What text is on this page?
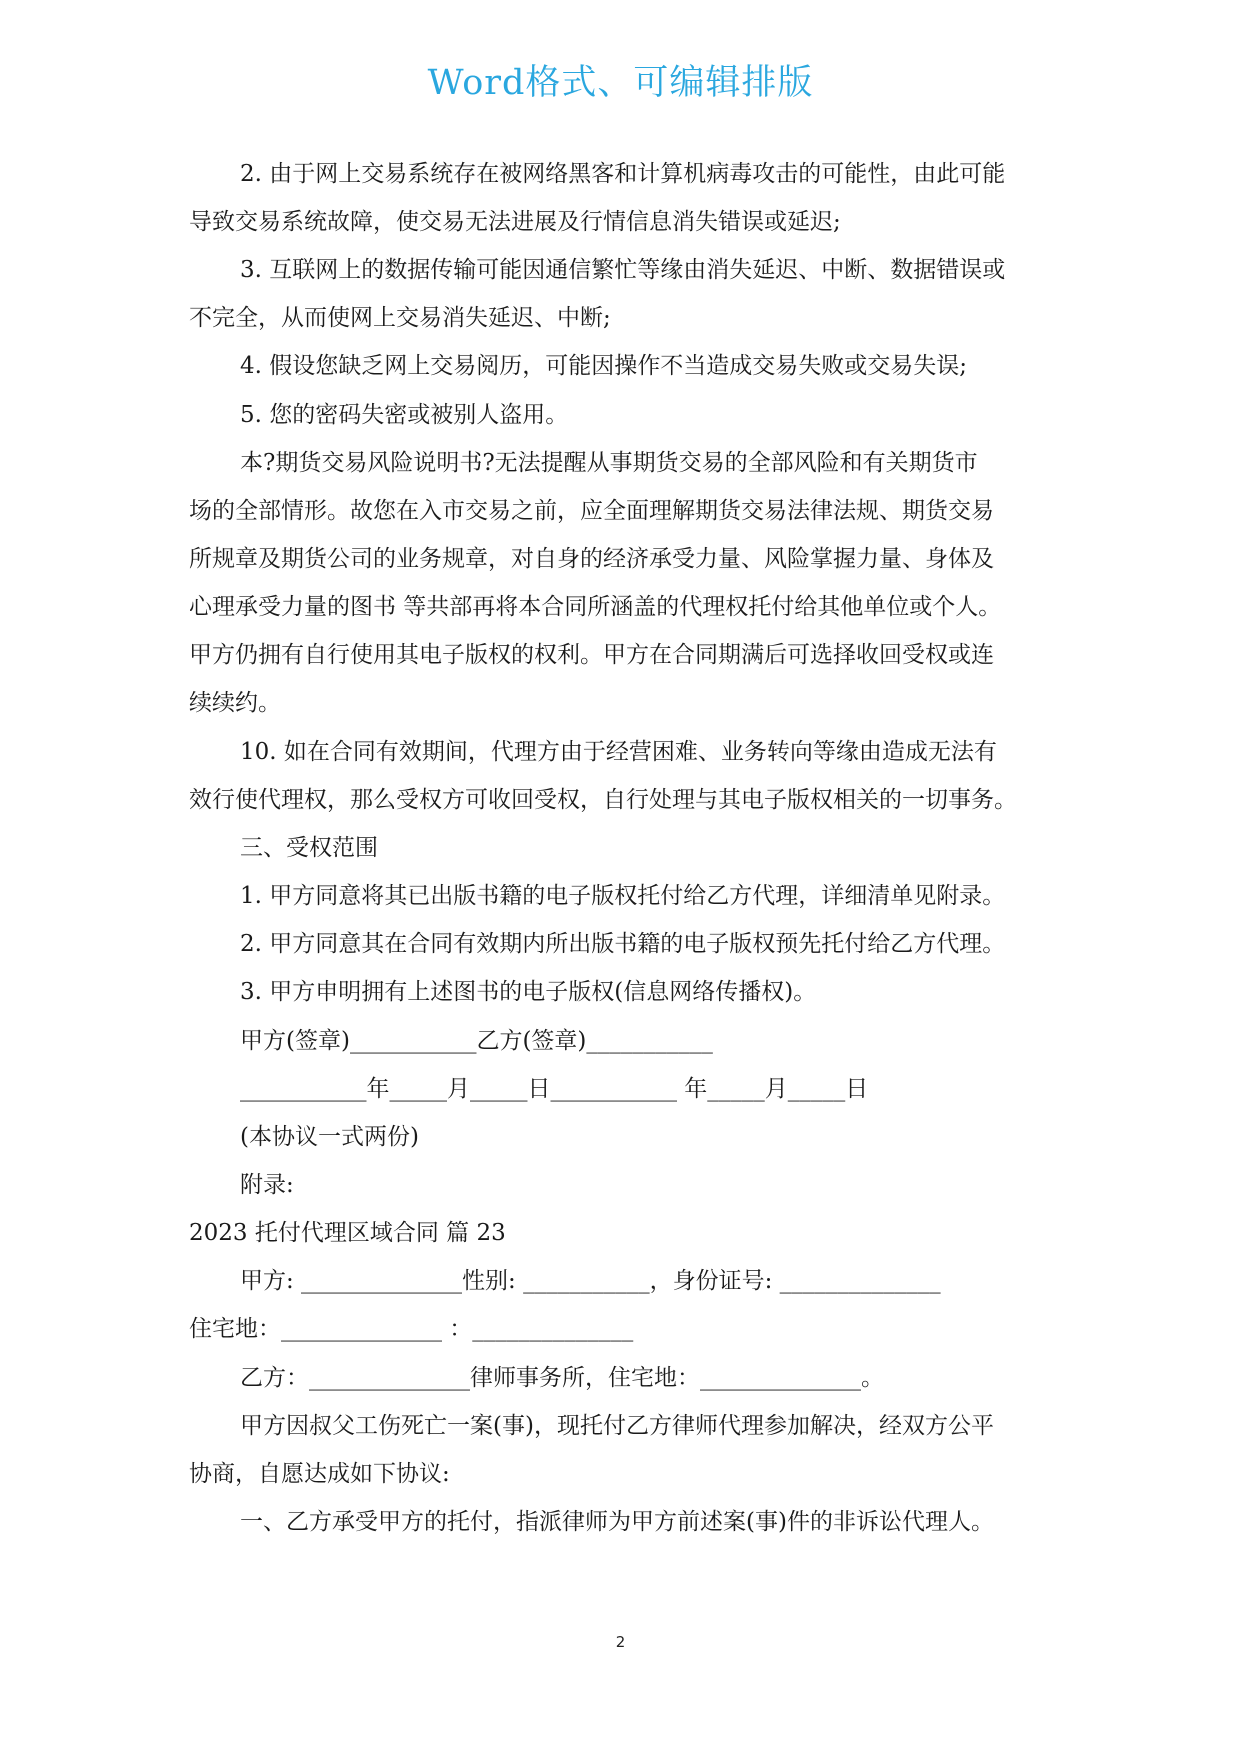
Word格式、可编辑排版
2. 由于网上交易系统存在被网络黑客和计算机病毒攻击的可能性，由此可能
导致交易系统故障，使交易无法进展及行情信息消失错误或延迟;
3. 互联网上的数据传输可能因通信繁忙等缘由消失延迟、中断、数据错误或
不完全，从而使网上交易消失延迟、中断;
4. 假设您缺乏网上交易阅历，可能因操作不当造成交易失败或交易失误;
5. 您的密码失密或被别人盗用。
本?期货交易风险说明书?无法提醒从事期货交易的全部风险和有关期货市
场的全部情形。故您在入市交易之前，应全面理解期货交易法律法规、期货交易
所规章及期货公司的业务规章，对自身的经济承受力量、风险掌握力量、身体及
心理承受力量的图书 等共部再将本合同所涵盖的代理权托付给其他单位或个人。
甲方仍拥有自行使用其电子版权的权利。甲方在合同期满后可选择收回受权或连
续续约。
10. 如在合同有效期间，代理方由于经营困难、业务转向等缘由造成无法有
效行使代理权，那么受权方可收回受权，自行处理与其电子版权相关的一切事务。
三、受权范围
1. 甲方同意将其已出版书籍的电子版权托付给乙方代理，详细清单见附录。
2. 甲方同意其在合同有效期内所出版书籍的电子版权预先托付给乙方代理。
3. 甲方申明拥有上述图书的电子版权(信息网络传播权)。
甲方(签章)___________乙方(签章)___________
___________年_____月_____日___________ 年_____月_____日
(本协议一式两份)
附录:
2023 托付代理区域合同 篇 23
甲方: ______________性别: ___________，身份证号: ______________
住宅地：______________ ：______________
乙方：______________律师事务所，住宅地：______________。
甲方因叔父工伤死亡一案(事)，现托付乙方律师代理参加解决，经双方公平
协商，自愿达成如下协议:
一、乙方承受甲方的托付，指派律师为甲方前述案(事)件的非诉讼代理人。
2
